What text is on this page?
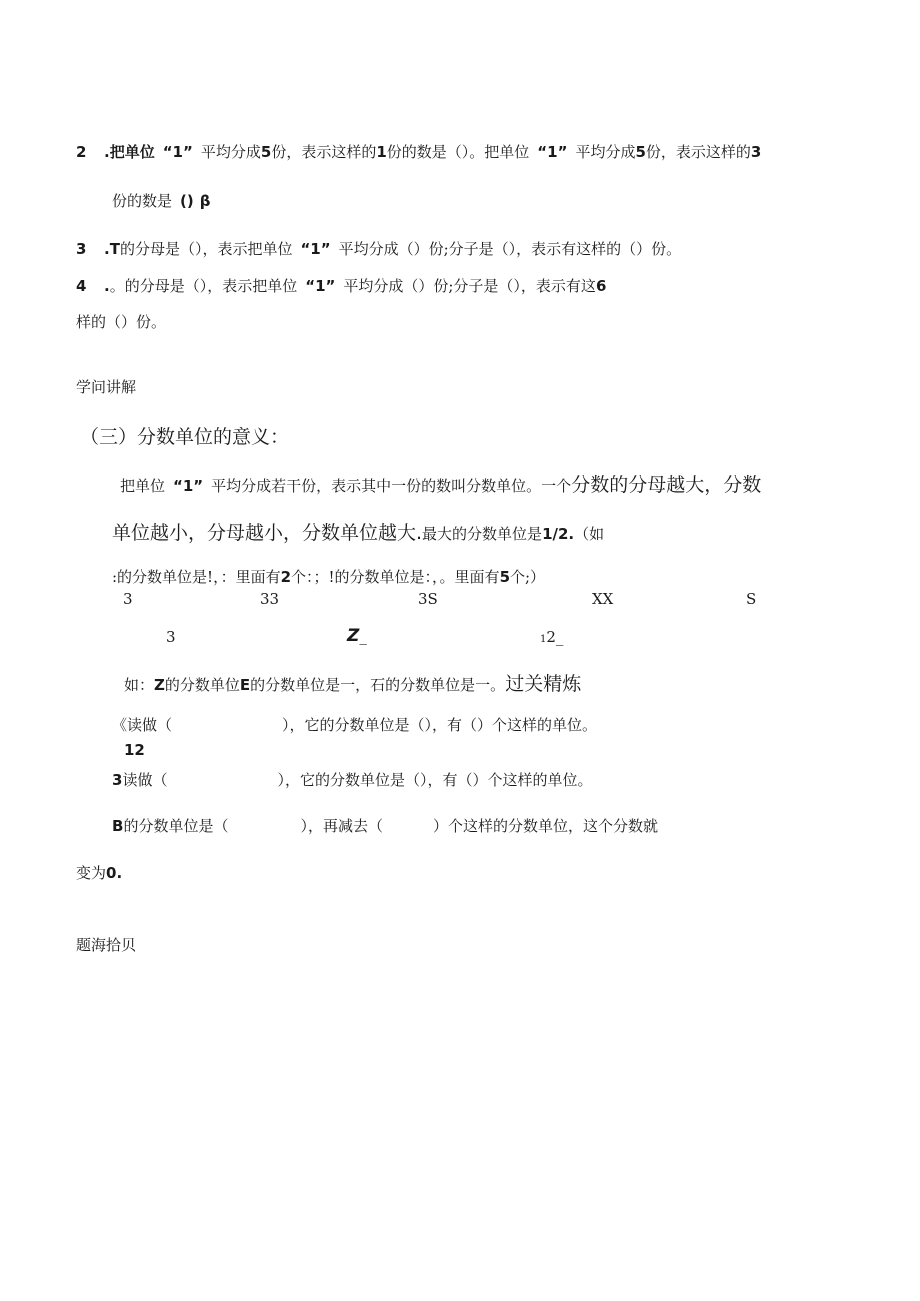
2 .把单位 “1” 平均分成5份，表示这样的1份的数是（）。把单位 “1” 平均分成5份，表示这样的3
份的数是 () β
3 .T的分母是（），表示把单位 “1” 平均分成（）份;分子是（），表示有这样的（）份。
4 .。的分母是（），表示把单位 “1” 平均分成（）份;分子是（），表示有这6
样的（）份。
学问讲解
（三）分数单位的意义：
把单位 “1” 平均分成若干份，表示其中一份的数叫分数单位。一个分数的分母越大，分数
单位越小，分母越小，分数单位越大.最大的分数单位是1/2.（如
:的分数单位是!，：里面有2个：；!的分数单位是：，。里面有5个;）
3	33	3S	XX	S
3	Z_	12_
如：Z的分数单位E的分数单位是一，石的分数单位是一。过关精炼
《读做（	），它的分数单位是（），有（）个这样的单位。
12
3读做（	），它的分数单位是（），有（）个这样的单位。
B的分数单位是（	），再减去（	）个这样的分数单位，这个分数就
变为0.
题海拾贝
